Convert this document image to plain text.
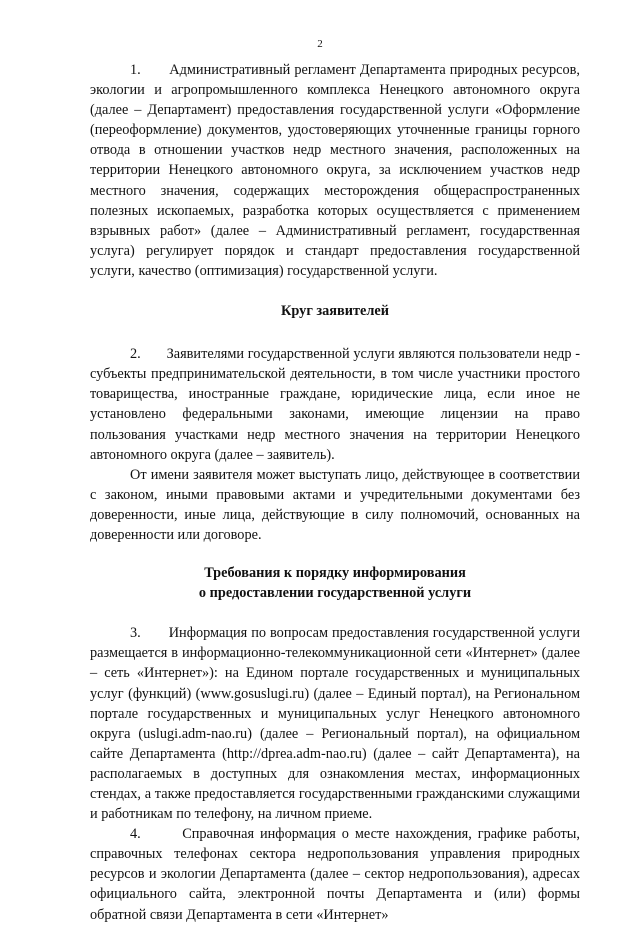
2

1.       Административный регламент Департамента природных ресурсов, экологии и агропромышленного комплекса Ненецкого автономного округа (далее – Департамент) предоставления государственной услуги «Оформление (переоформление) документов, удостоверяющих уточненные границы горного отвода в отношении участков недр местного значения, расположенных на территории Ненецкого автономного округа, за исключением участков недр местного значения, содержащих месторождения общераспространенных полезных ископаемых, разработка которых осуществляется с применением взрывных работ» (далее – Административный регламент, государственная услуга) регулирует порядок и стандарт предоставления государственной услуги, качество (оптимизация) государственной услуги.

Круг заявителей

2.       Заявителями государственной услуги являются пользователи недр - субъекты предпринимательской деятельности, в том числе участники простого товарищества, иностранные граждане, юридические лица, если иное не установлено федеральными законами, имеющие лицензии на право пользования участками недр местного значения на территории Ненецкого автономного округа (далее – заявитель).

От имени заявителя может выступать лицо, действующее в соответствии с законом, иными правовыми актами и учредительными документами без доверенности, иные лица, действующие в силу полномочий, основанных на доверенности или договоре.

Требования к порядку информирования
о предоставлении государственной услуги

3.       Информация по вопросам предоставления государственной услуги размещается в информационно-телекоммуникационной сети «Интернет» (далее – сеть «Интернет»): на Едином портале государственных и муниципальных услуг (функций) (www.gosuslugi.ru) (далее – Единый портал), на Региональном портале государственных и муниципальных услуг Ненецкого автономного округа (uslugi.adm-nao.ru) (далее – Региональный портал), на официальном сайте Департамента (http://dprea.adm-nao.ru) (далее – сайт Департамента), на располагаемых в доступных для ознакомления местах, информационных стендах, а также предоставляется государственными гражданскими служащими и работникам по телефону, на личном приеме.

4.       Справочная информация о месте нахождения, графике работы, справочных телефонах сектора недропользования управления природных ресурсов и экологии Департамента (далее – сектор недропользования), адресах официального сайта, электронной почты Департамента и (или) формы обратной связи Департамента в сети «Интернет»
